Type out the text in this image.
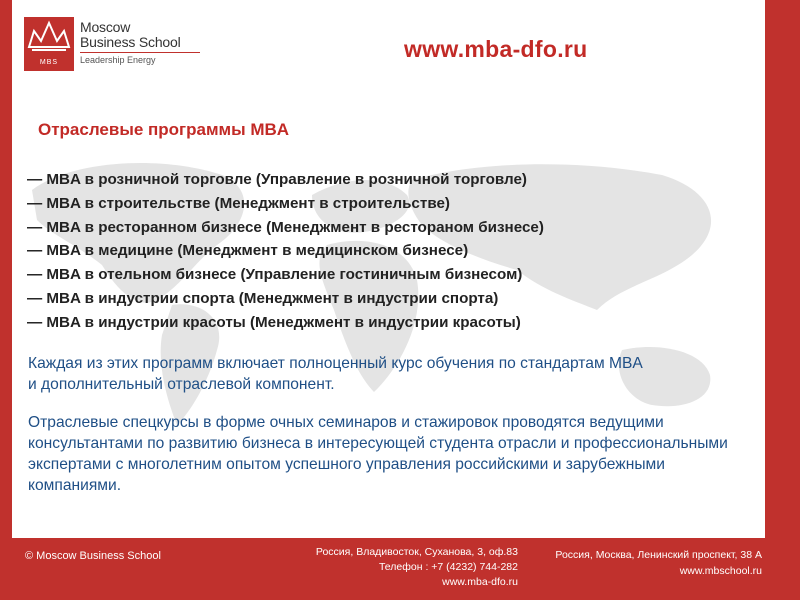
MBS
Moscow
Business School
Leadership Energy	www.mba-dfo.ru
Отраслевые программы MBA
— MBA в розничной торговле (Управление в розничной торговле)
— MBA в строительстве (Менеджмент в строительстве)
— MBA в ресторанном бизнесе (Менеджмент в ресторaном бизнесе)
— MBA в медицине (Менеджмент в медицинском бизнесе)
— MBA в отельном бизнесе (Управление гостиничным бизнесом)
— MBA в индустрии спорта (Менеджмент в индустрии спорта)
— MBA в индустрии красоты (Менеджмент в индустрии красоты)

Каждая из этих программ включает полноценный курс обучения по стандартам MBA и дополнительный отраслевой компонент.

Отраслевые спецкурсы в форме очных семинаров и стажировок проводятся ведущими консультантами по развитию бизнеса в интересующей студента отрасли и профессиональными экспертами с многолетним опытом успешного управления российскими и зарубежными компаниями.

14
© Moscow Business School	Россия, Владивосток, Суханова, 3, оф.83
Телефон : +7 (4232) 744-282
www.mba-dfo.ru
Россия, Москва, Ленинский проспект, 38 А
www.mbschool.ru
